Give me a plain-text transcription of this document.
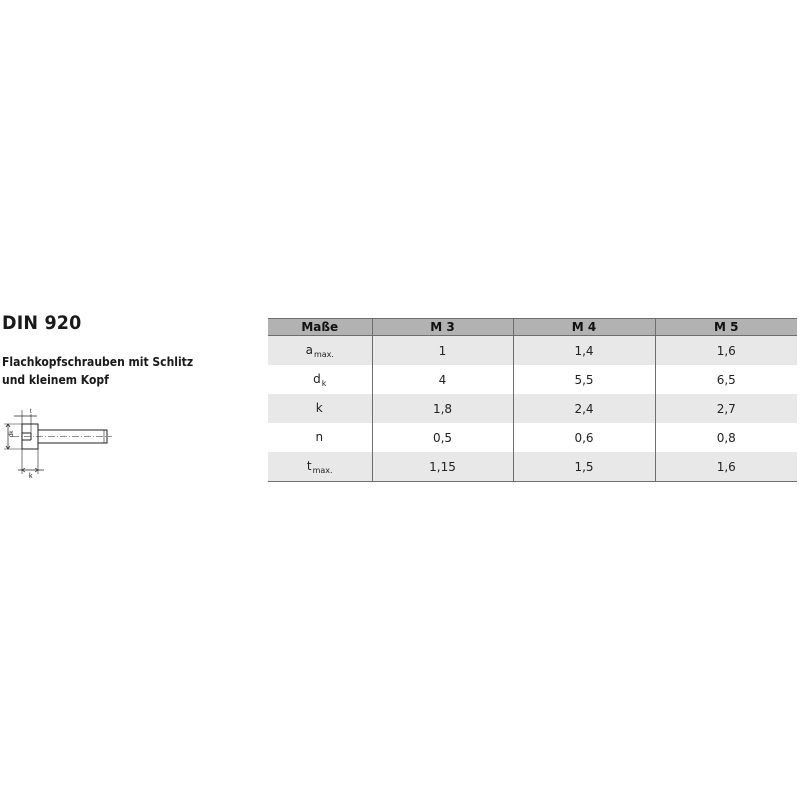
DIN 920
Flachkopfschrauben mit Schlitz
und kleinem Kopf
dk
t
k
Maße	M 3	M 4	M 5
$a_{max.}$	1	1,4	1,6
$d_k$	4	5,5	6,5
k	1,8	2,4	2,7
n	0,5	0,6	0,8
$t_{max.}$	1,15	1,5	1,6
